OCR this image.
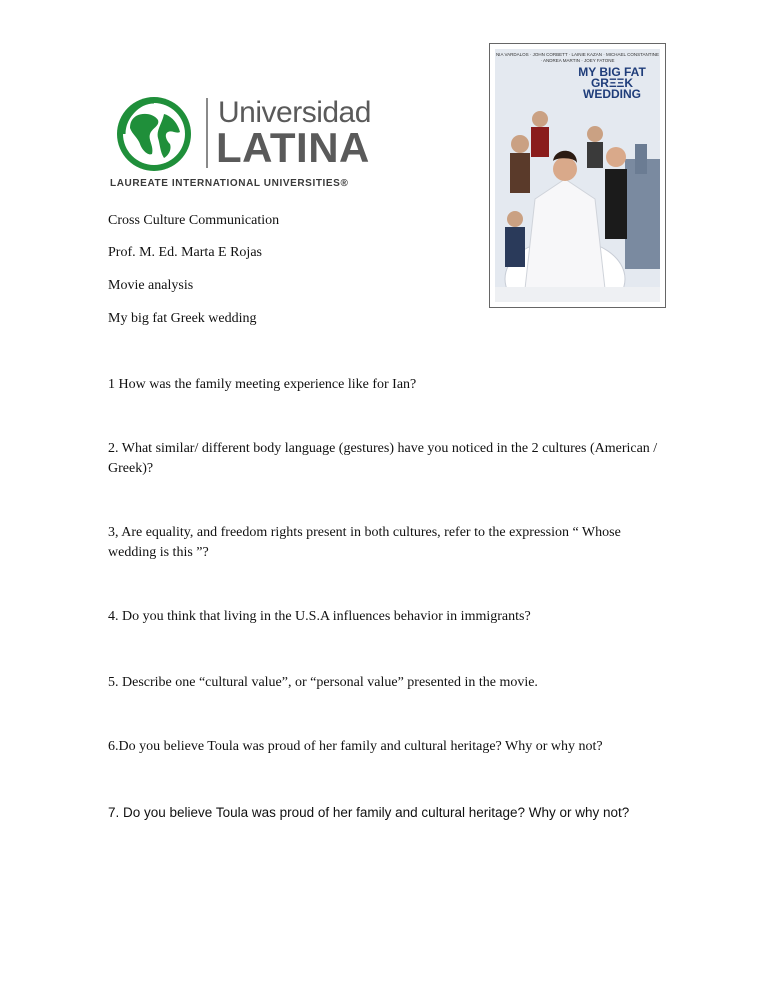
Universidad
LATINA
LAUREATE INTERNATIONAL UNIVERSITIES®
NIA VARDALOS · JOHN CORBETT · LAINIE KAZAN · MICHAEL CONSTANTINE · ANDREA MARTIN · JOEY FATONE
MY BIG FAT GRΞΞK WEDDING
Cross Culture Communication
Prof. M. Ed. Marta E Rojas
Movie analysis
My big fat Greek wedding
1 How was the family meeting experience like for Ian?
2. What similar/ different body language (gestures) have you noticed in the 2 cultures (American / Greek)?
3, Are equality, and freedom rights present in both cultures, refer to the expression “ Whose wedding is this ”?
4. Do you think that living in the U.S.A influences behavior in immigrants?
5. Describe one “cultural value”, or “personal value” presented in the movie.
6.Do you believe Toula was proud of her family and cultural heritage? Why or why not?
7. Do you believe Toula was proud of her family and cultural heritage? Why or why not?
